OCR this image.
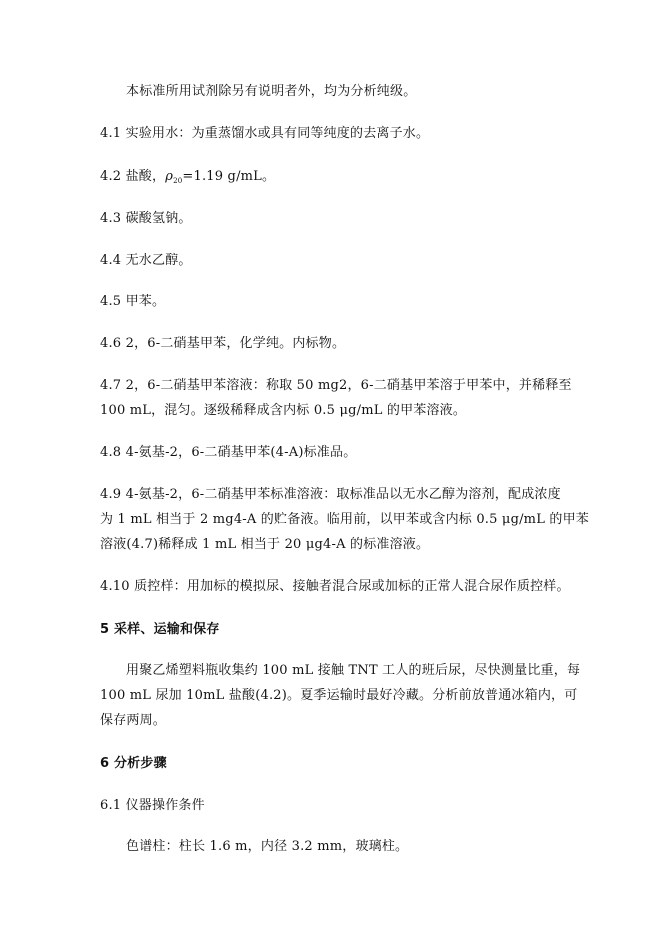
本标准所用试剂除另有说明者外，均为分析纯级。
4.1 实验用水：为重蒸馏水或具有同等纯度的去离子水。
4.2 盐酸，$\rho_{20}=1.19$ g/mL。
4.3 碳酸氢钠。
4.4 无水乙醇。
4.5 甲苯。
4.6 2，6-二硝基甲苯，化学纯。内标物。
4.7 2，6-二硝基甲苯溶液：称取 50 mg2，6-二硝基甲苯溶于甲苯中，并稀释至
100 mL，混匀。逐级稀释成含内标 0.5 μg/mL 的甲苯溶液。
4.8 4-氨基-2，6-二硝基甲苯(4-A)标准品。
4.9 4-氨基-2，6-二硝基甲苯标准溶液：取标准品以无水乙醇为溶剂，配成浓度
为 1 mL 相当于 2 mg4-A 的贮备液。临用前，以甲苯或含内标 0.5 μg/mL 的甲苯
溶液(4.7)稀释成 1 mL 相当于 20 μg4-A 的标准溶液。
4.10 质控样：用加标的模拟尿、接触者混合尿或加标的正常人混合尿作质控样。
5 采样、运输和保存
用聚乙烯塑料瓶收集约 100 mL 接触 TNT 工人的班后尿，尽快测量比重，每
100 mL 尿加 10mL 盐酸(4.2)。夏季运输时最好冷藏。分析前放普通冰箱内，可
保存两周。
6 分析步骤
6.1 仪器操作条件
色谱柱：柱长 1.6 m，内径 3.2 mm，玻璃柱。
